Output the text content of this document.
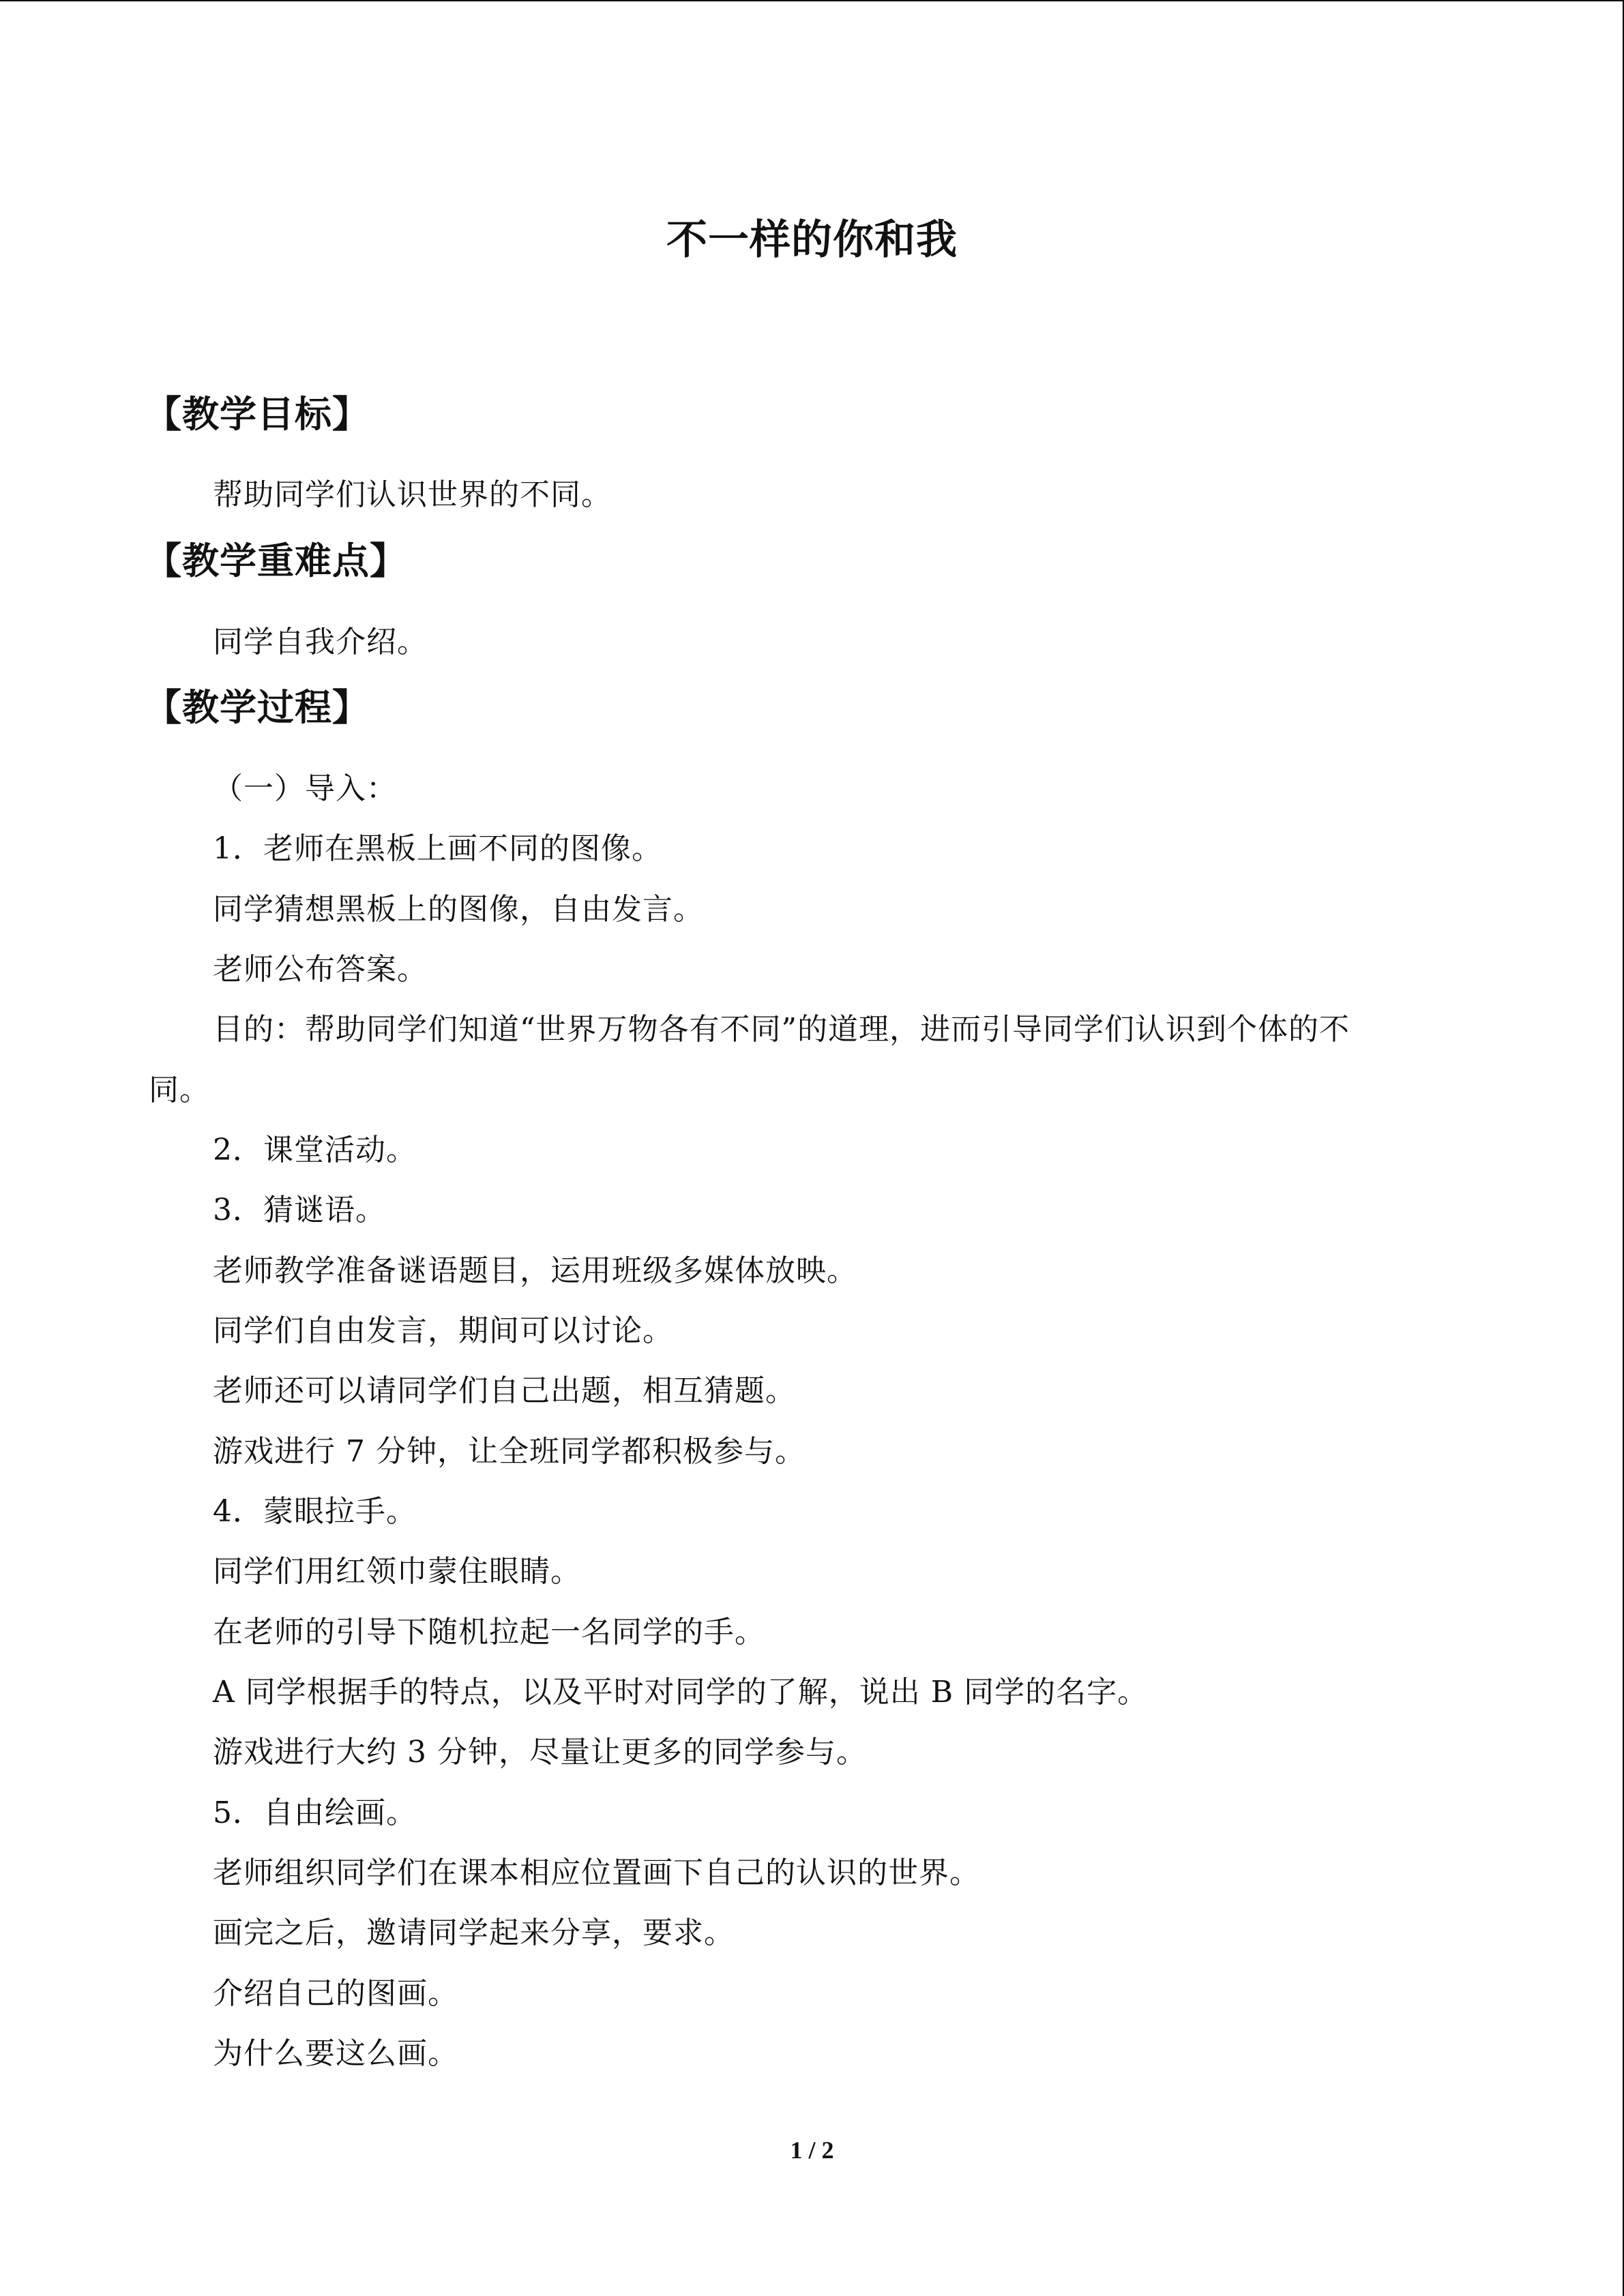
不一样的你和我
【教学目标】
帮助同学们认识世界的不同。
【教学重难点】
同学自我介绍。
【教学过程】
（一）导入：
1．老师在黑板上画不同的图像。
同学猜想黑板上的图像，自由发言。
老师公布答案。
目的：帮助同学们知道“世界万物各有不同”的道理，进而引导同学们认识到个体的不
同。
2．课堂活动。
3．猜谜语。
老师教学准备谜语题目，运用班级多媒体放映。
同学们自由发言，期间可以讨论。
老师还可以请同学们自己出题，相互猜题。
游戏进行 7 分钟，让全班同学都积极参与。
4．蒙眼拉手。
同学们用红领巾蒙住眼睛。
在老师的引导下随机拉起一名同学的手。
A 同学根据手的特点，以及平时对同学的了解，说出 B 同学的名字。
游戏进行大约 3 分钟，尽量让更多的同学参与。
5．自由绘画。
老师组织同学们在课本相应位置画下自己的认识的世界。
画完之后，邀请同学起来分享，要求。
介绍自己的图画。
为什么要这么画。
1 / 2
